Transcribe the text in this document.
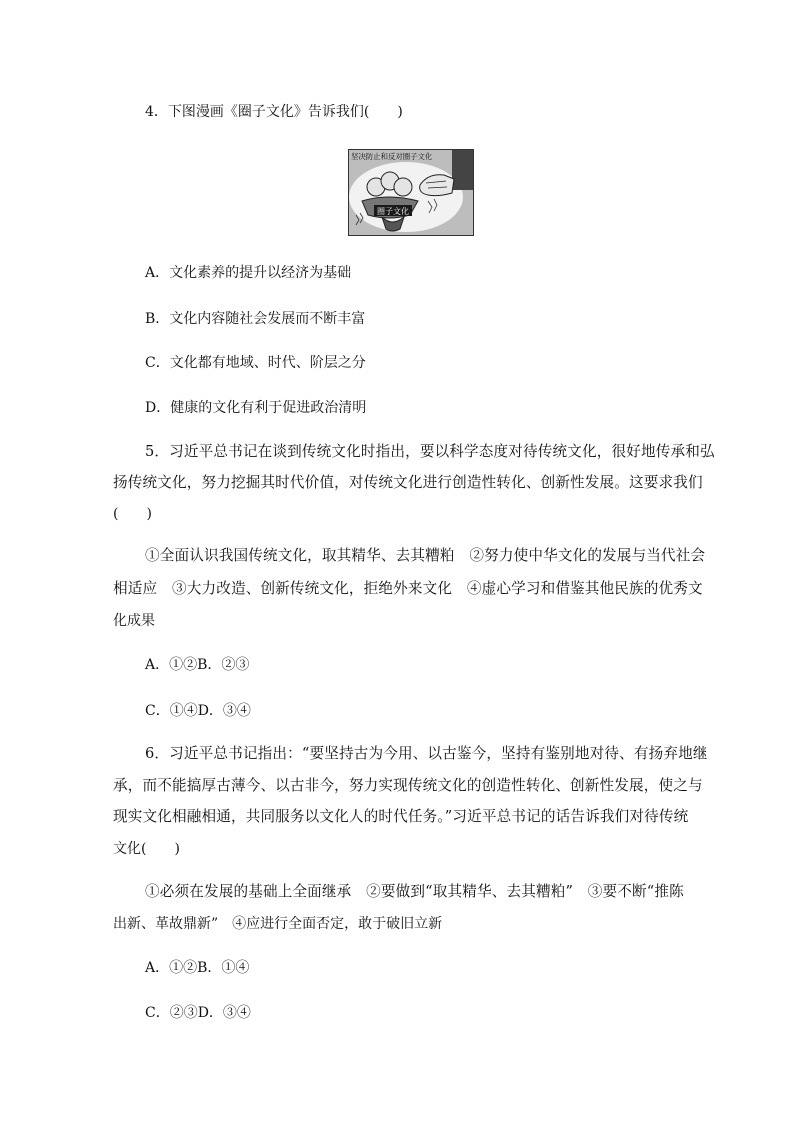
4．下图漫画《圈子文化》告诉我们(　　)
圈子文化
坚决防止和反对圈子文化
A．文化素养的提升以经济为基础
B．文化内容随社会发展而不断丰富
C．文化都有地域、时代、阶层之分
D．健康的文化有利于促进政治清明
5．习近平总书记在谈到传统文化时指出，要以科学态度对待传统文化，很好地传承和弘
扬传统文化，努力挖掘其时代价值，对传统文化进行创造性转化、创新性发展。这要求我们
(　　)
①全面认识我国传统文化，取其精华、去其糟粕　②努力使中华文化的发展与当代社会
相适应　③大力改造、创新传统文化，拒绝外来文化　④虚心学习和借鉴其他民族的优秀文
化成果
A．①②B．②③
C．①④D．③④
6．习近平总书记指出：“要坚持古为今用、以古鉴今，坚持有鉴别地对待、有扬弃地继
承，而不能搞厚古薄今、以古非今，努力实现传统文化的创造性转化、创新性发展，使之与
现实文化相融相通，共同服务以文化人的时代任务。”习近平总书记的话告诉我们对待传统
文化(　　)
①必须在发展的基础上全面继承　②要做到“取其精华、去其糟粕”　③要不断“推陈
出新、革故鼎新”　④应进行全面否定，敢于破旧立新
A．①②B．①④
C．②③D．③④
